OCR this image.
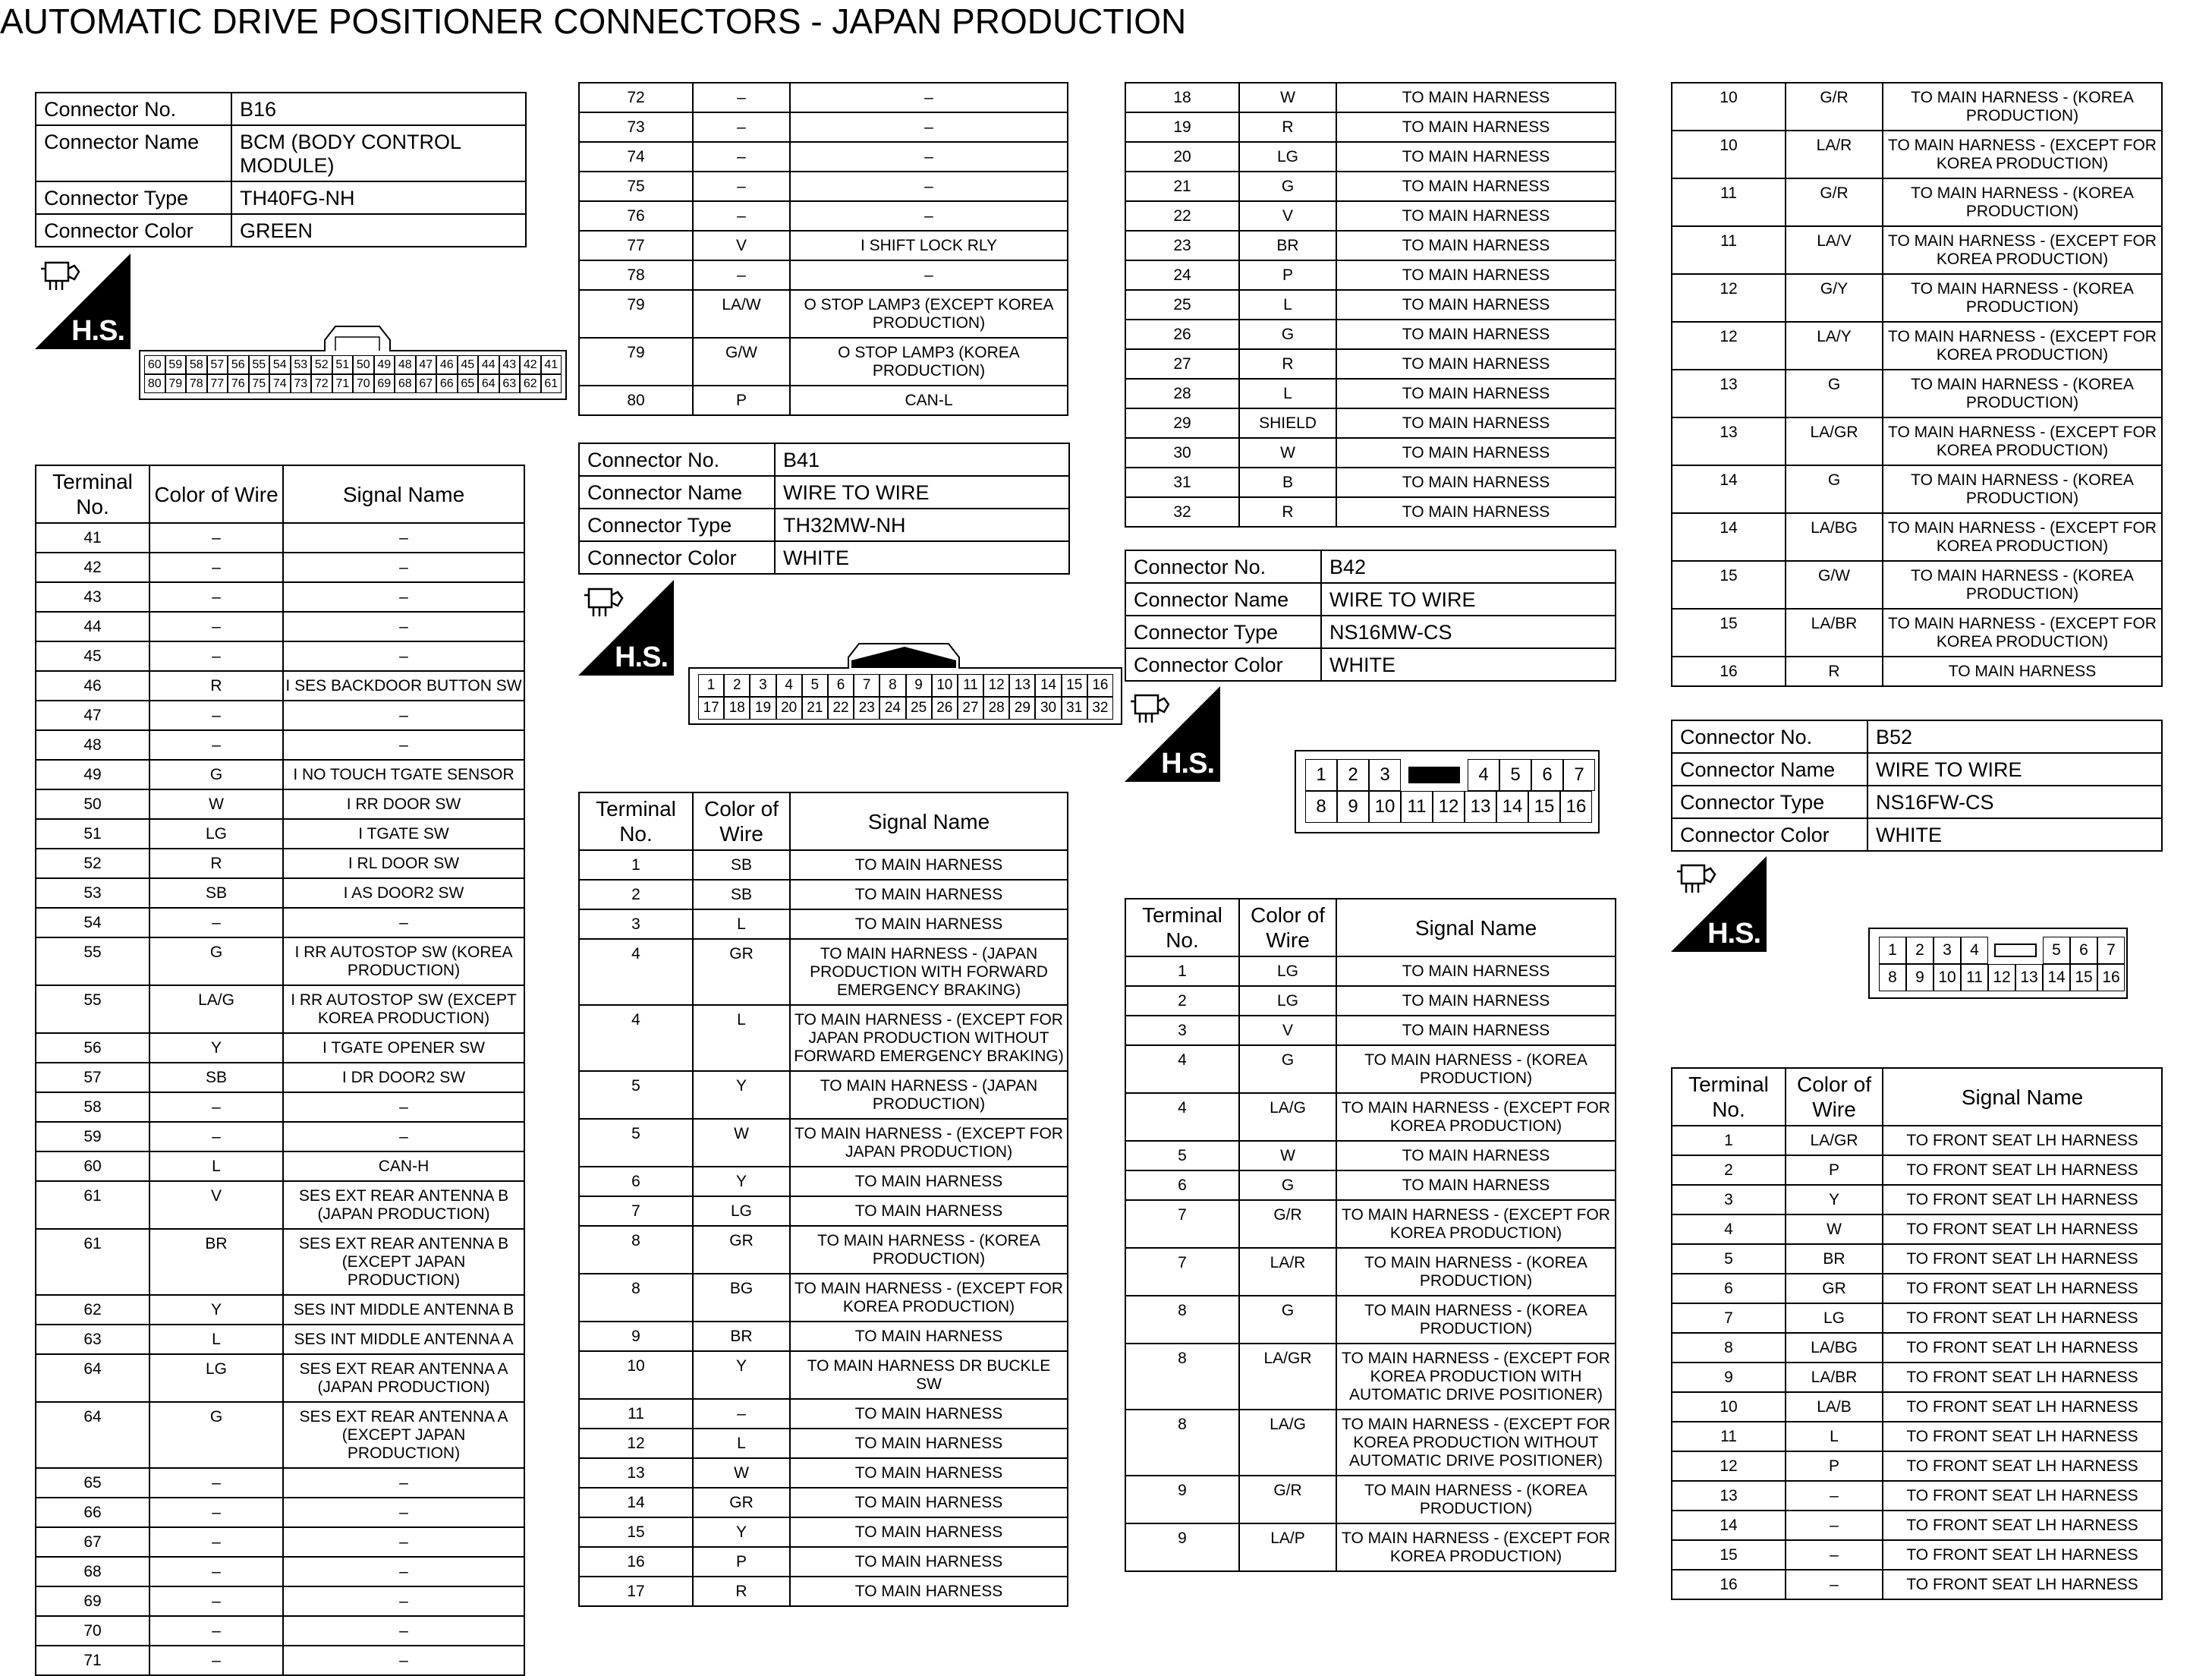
AUTOMATIC DRIVE POSITIONER CONNECTORS - JAPAN PRODUCTION
Connector No.	B16
Connector Name	BCM (BODY CONTROL MODULE)
Connector Type	TH40FG-NH
Connector Color	GREEN
H.S.
60 59 58 57 56 55 54 53 52 51 50 49 48 47 46 45 44 43 42 41
80 79 78 77 76 75 74 73 72 71 70 69 68 67 66 65 64 63 62 61
Terminal No.	Color of Wire	Signal Name
41	–	–
42	–	–
43	–	–
44	–	–
45	–	–
46	R	I SES BACKDOOR BUTTON SW
47	–	–
48	–	–
49	G	I NO TOUCH TGATE SENSOR
50	W	I RR DOOR SW
51	LG	I TGATE SW
52	R	I RL DOOR SW
53	SB	I AS DOOR2 SW
54	–	–
55	G	I RR AUTOSTOP SW (KOREA PRODUCTION)
55	LA/G	I RR AUTOSTOP SW (EXCEPT KOREA PRODUCTION)
56	Y	I TGATE OPENER SW
57	SB	I DR DOOR2 SW
58	–	–
59	–	–
60	L	CAN-H
61	V	SES EXT REAR ANTENNA B (JAPAN PRODUCTION)
61	BR	SES EXT REAR ANTENNA B (EXCEPT JAPAN PRODUCTION)
62	Y	SES INT MIDDLE ANTENNA B
63	L	SES INT MIDDLE ANTENNA A
64	LG	SES EXT REAR ANTENNA A (JAPAN PRODUCTION)
64	G	SES EXT REAR ANTENNA A (EXCEPT JAPAN PRODUCTION)
65	–	–
66	–	–
67	–	–
68	–	–
69	–	–
70	–	–
71	–	–
72	–	–
73	–	–
74	–	–
75	–	–
76	–	–
77	V	I SHIFT LOCK RLY
78	–	–
79	LA/W	O STOP LAMP3 (EXCEPT KOREA PRODUCTION)
79	G/W	O STOP LAMP3 (KOREA PRODUCTION)
80	P	CAN-L
Connector No.	B41
Connector Name	WIRE TO WIRE
Connector Type	TH32MW-NH
Connector Color	WHITE
H.S.
1	2	3	4	5	6	7	8	9 10 11 12 13 14 15 16
17 18 19 20 21 22 23 24 25 26 27 28 29 30 31 32
Terminal No.	Color of Wire	Signal Name
1	SB	TO MAIN HARNESS
2	SB	TO MAIN HARNESS
3	L	TO MAIN HARNESS
4	GR	TO MAIN HARNESS - (JAPAN PRODUCTION WITH FORWARD EMERGENCY BRAKING)
4	L	TO MAIN HARNESS - (EXCEPT FOR JAPAN PRODUCTION WITHOUT FORWARD EMERGENCY BRAKING)
5	Y	TO MAIN HARNESS - (JAPAN PRODUCTION)
5	W	TO MAIN HARNESS - (EXCEPT FOR JAPAN PRODUCTION)
6	Y	TO MAIN HARNESS
7	LG	TO MAIN HARNESS
8	GR	TO MAIN HARNESS - (KOREA PRODUCTION)
8	BG	TO MAIN HARNESS - (EXCEPT FOR KOREA PRODUCTION)
9	BR	TO MAIN HARNESS
10	Y	TO MAIN HARNESS DR BUCKLE SW
11	–	TO MAIN HARNESS
12	L	TO MAIN HARNESS
13	W	TO MAIN HARNESS
14	GR	TO MAIN HARNESS
15	Y	TO MAIN HARNESS
16	P	TO MAIN HARNESS
17	R	TO MAIN HARNESS
18	W	TO MAIN HARNESS
19	R	TO MAIN HARNESS
20	LG	TO MAIN HARNESS
21	G	TO MAIN HARNESS
22	V	TO MAIN HARNESS
23	BR	TO MAIN HARNESS
24	P	TO MAIN HARNESS
25	L	TO MAIN HARNESS
26	G	TO MAIN HARNESS
27	R	TO MAIN HARNESS
28	L	TO MAIN HARNESS
29	SHIELD	TO MAIN HARNESS
30	W	TO MAIN HARNESS
31	B	TO MAIN HARNESS
32	R	TO MAIN HARNESS
Connector No.	B42
Connector Name	WIRE TO WIRE
Connector Type	NS16MW-CS
Connector Color	WHITE
H.S.	1	2	3	4	5	6	7
8	9 10 11 12 13 14 15 16
Terminal No.	Color of Wire	Signal Name
1	LG	TO MAIN HARNESS
2	LG	TO MAIN HARNESS
3	V	TO MAIN HARNESS
4	G	TO MAIN HARNESS - (KOREA PRODUCTION)
4	LA/G	TO MAIN HARNESS - (EXCEPT FOR KOREA PRODUCTION)
5	W	TO MAIN HARNESS
6	G	TO MAIN HARNESS
7	G/R	TO MAIN HARNESS - (EXCEPT FOR KOREA PRODUCTION)
7	LA/R	TO MAIN HARNESS - (KOREA PRODUCTION)
8	G	TO MAIN HARNESS - (KOREA PRODUCTION)
8	LA/GR	TO MAIN HARNESS - (EXCEPT FOR KOREA PRODUCTION WITH AUTOMATIC DRIVE POSITIONER)
8	LA/G	TO MAIN HARNESS - (EXCEPT FOR KOREA PRODUCTION WITHOUT AUTOMATIC DRIVE POSITIONER)
9	G/R	TO MAIN HARNESS - (KOREA PRODUCTION)
9	LA/P	TO MAIN HARNESS - (EXCEPT FOR KOREA PRODUCTION)
10	G/R	TO MAIN HARNESS - (KOREA PRODUCTION)
10	LA/R	TO MAIN HARNESS - (EXCEPT FOR KOREA PRODUCTION)
11	G/R	TO MAIN HARNESS - (KOREA PRODUCTION)
11	LA/V	TO MAIN HARNESS - (EXCEPT FOR KOREA PRODUCTION)
12	G/Y	TO MAIN HARNESS - (KOREA PRODUCTION)
12	LA/Y	TO MAIN HARNESS - (EXCEPT FOR KOREA PRODUCTION)
13	G	TO MAIN HARNESS - (KOREA PRODUCTION)
13	LA/GR	TO MAIN HARNESS - (EXCEPT FOR KOREA PRODUCTION)
14	G	TO MAIN HARNESS - (KOREA PRODUCTION)
14	LA/BG	TO MAIN HARNESS - (EXCEPT FOR KOREA PRODUCTION)
15	G/W	TO MAIN HARNESS - (KOREA PRODUCTION)
15	LA/BR	TO MAIN HARNESS - (EXCEPT FOR KOREA PRODUCTION)
16	R	TO MAIN HARNESS
Connector No.	B52
Connector Name	WIRE TO WIRE
Connector Type	NS16FW-CS
Connector Color	WHITE
H.S.
1	2	3	4	5	6	7
8	9 10 11 12 13 14 15 16
Terminal No.	Color of Wire	Signal Name
1	LA/GR	TO FRONT SEAT LH HARNESS
2	P	TO FRONT SEAT LH HARNESS
3	Y	TO FRONT SEAT LH HARNESS
4	W	TO FRONT SEAT LH HARNESS
5	BR	TO FRONT SEAT LH HARNESS
6	GR	TO FRONT SEAT LH HARNESS
7	LG	TO FRONT SEAT LH HARNESS
8	LA/BG	TO FRONT SEAT LH HARNESS
9	LA/BR	TO FRONT SEAT LH HARNESS
10	LA/B	TO FRONT SEAT LH HARNESS
11	L	TO FRONT SEAT LH HARNESS
12	P	TO FRONT SEAT LH HARNESS
13	–	TO FRONT SEAT LH HARNESS
14	–	TO FRONT SEAT LH HARNESS
15	–	TO FRONT SEAT LH HARNESS
16	–	TO FRONT SEAT LH HARNESS
